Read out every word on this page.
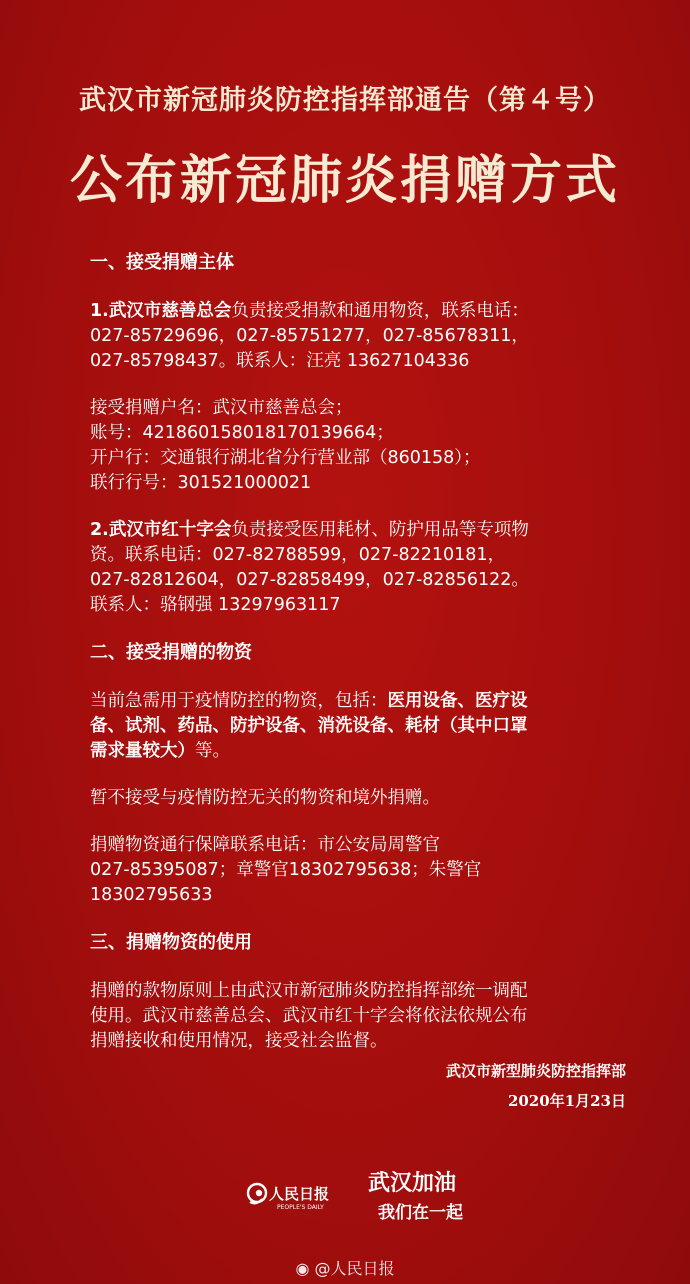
武汉市新冠肺炎防控指挥部通告（第４号）
公布新冠肺炎捐赠方式

一、接受捐赠主体

1.武汉市慈善总会负责接受捐款和通用物资，联系电话：

027-85729696，027-85751277，027-85678311，

027-85798437。联系人：汪亮 13627104336

接受捐赠户名：武汉市慈善总会；

账号：421860158018170139664；

开户行：交通银行湖北省分行营业部（860158）；

联行行号：301521000021

2.武汉市红十字会负责接受医用耗材、防护用品等专项物

资。联系电话：027-82788599，027-82210181，

027-82812604，027-82858499，027-82856122。

联系人：骆钢强 13297963117

二、接受捐赠的物资

当前急需用于疫情防控的物资，包括：医用设备、医疗设

备、试剂、药品、防护设备、消洗设备、耗材（其中口罩

需求量较大）等。

暂不接受与疫情防控无关的物资和境外捐赠。

捐赠物资通行保障联系电话：市公安局周警官

027-85395087；章警官18302795638；朱警官

18302795633

三、捐赠物资的使用

捐赠的款物原则上由武汉市新冠肺炎防控指挥部统一调配

使用。武汉市慈善总会、武汉市红十字会将依法依规公布

捐赠接收和使用情况，接受社会监督。

武汉市新型肺炎防控指挥部
2020年1月23日
人民日报
PEOPLE'S DAILY
武汉加油
我们在一起
◉ @人民日报
